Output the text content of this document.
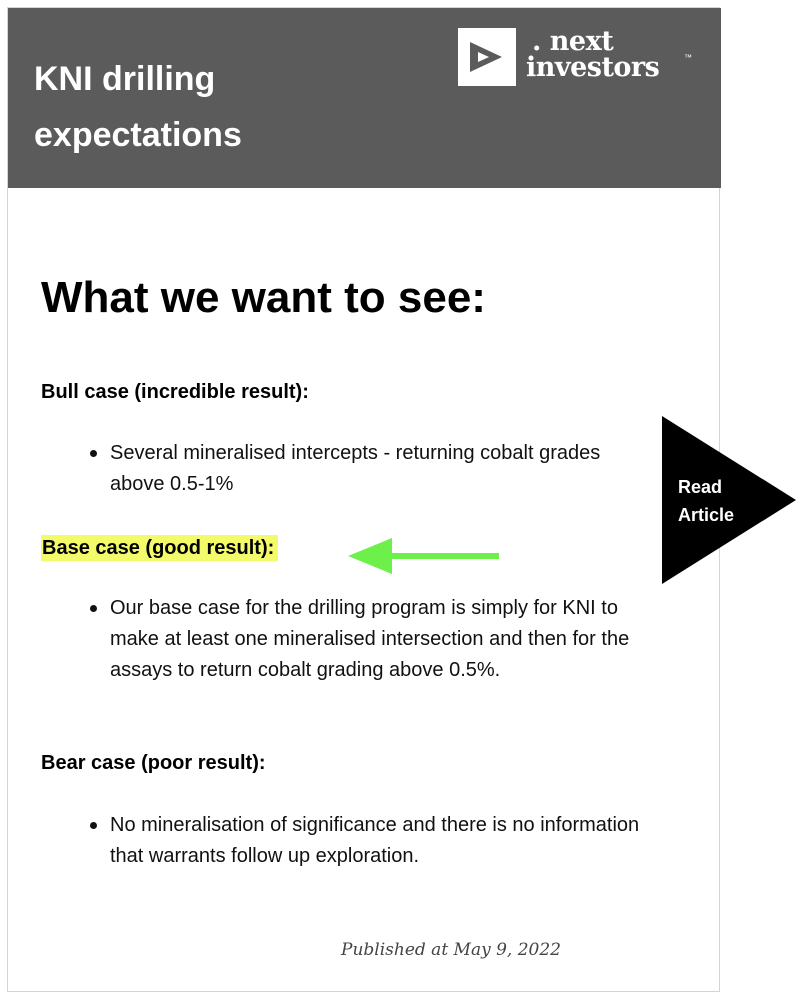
KNI drilling expectations
. next
investors	™
What we want to see:
Bull case (incredible result):
Several mineralised intercepts - returning cobalt grades above 0.5-1%
Base case (good result):
Our base case for the drilling program is simply for KNI to make at least one mineralised intersection and then for the assays to return cobalt grading above 0.5%.
Bear case (poor result):
No mineralisation of significance and there is no information that warrants follow up exploration.
Published at May 9, 2022
Read
Article
